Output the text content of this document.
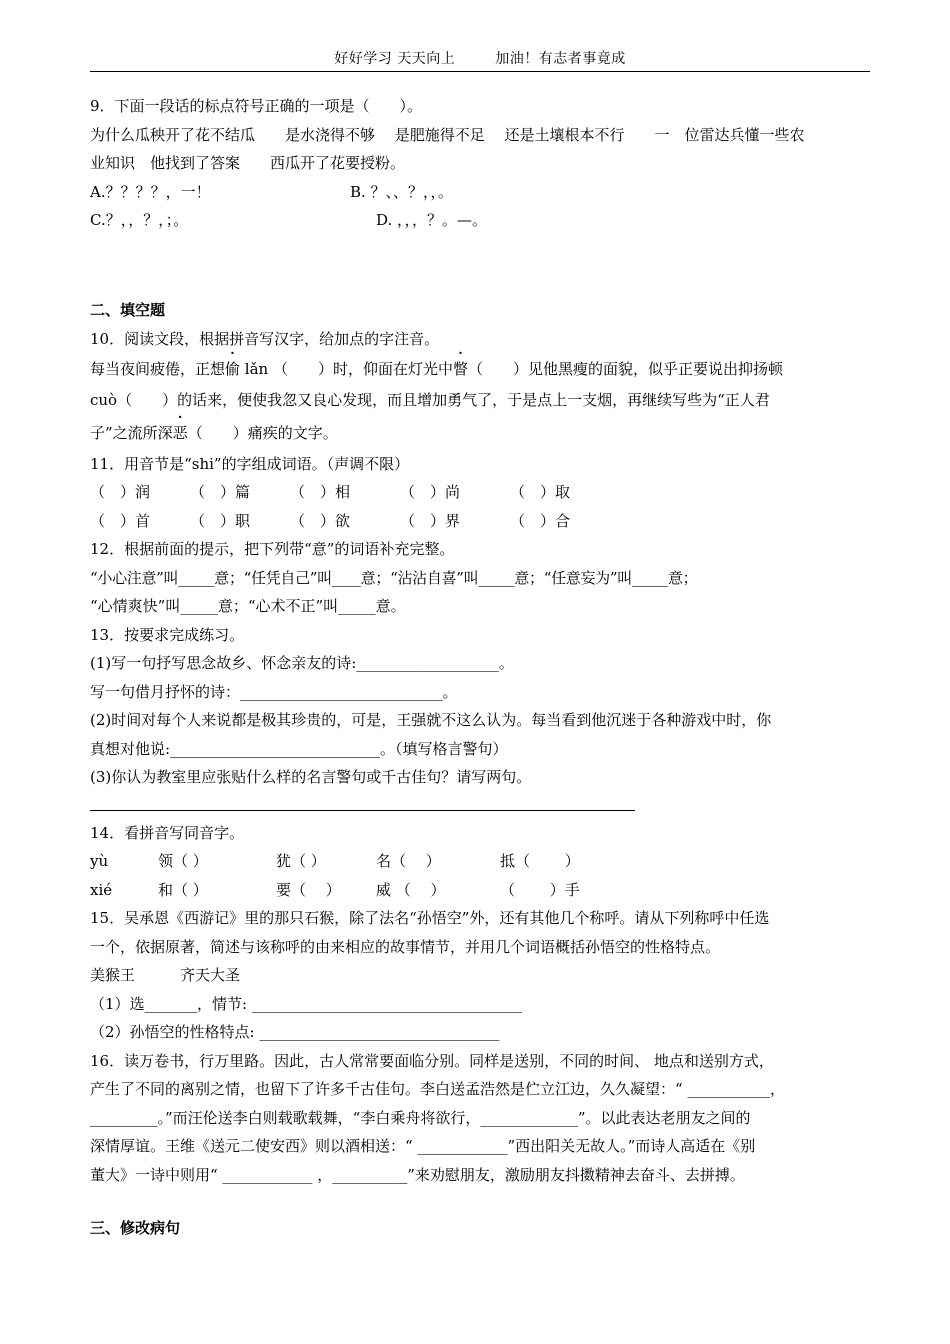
好好学习 天天向上	加油！有志者事竟成
9．下面一段话的标点符号正确的一项是（　　）。
为什么瓜秧开了花不结瓜　　是水浇得不够　 是肥施得不足　 还是土壤根本不行　　一　位雷达兵懂一些农
业知识　他找到了答案　　西瓜开了花要授粉。
A.？？？？，一！	B. ？、、？，，。
C.？，，？，；。	D. ，，，？。—。
二、填空题
10．阅读文段，根据拼音写汉字，给加点的字注音。
每当夜间疲倦，正想偷 lǎn （　　）时，仰面在灯光中瞥（　　）见他黑瘦的面貌，似乎正要说出抑扬顿
cuò（　　）的话来，便使我忽又良心发现，而且增加勇气了，于是点上一支烟，再继续写些为“正人君
子”之流所深恶（　　）痛疾的文字。
11．用音节是“shi”的字组成词语。（声调不限）
（　）润	（　）篇	（　）相	（　）尚	（　）取
（　）首	（　）职	（　）欲	（　）界	（　）合
12．根据前面的提示，把下列带“意”的词语补充完整。
“小心注意”叫_____意；“任凭自己”叫____意；“沾沾自喜”叫_____意；“任意妄为”叫_____意；
“心情爽快”叫_____意；“心术不正”叫_____意。
13．按要求完成练习。
(1)写一句抒写思念故乡、怀念亲友的诗:___________________。
写一句借月抒怀的诗：___________________________。
(2)时间对每个人来说都是极其珍贵的，可是，王强就不这么认为。每当看到他沉迷于各种游戏中时，你
真想对他说:____________________________。（填写格言警句）
(3)你认为教室里应张贴什么样的名言警句或千古佳句？请写两句。
14．看拼音写同音字。
yù	领（ ）	犹（ ）	名（　 ）	抵（　　 ）
xié	和（ ）	要（　 ） 威 （　 ）	（　　 ）手
15．吴承恩《西游记》里的那只石猴，除了法名“孙悟空”外，还有其他几个称呼。请从下列称呼中任选
一个，依据原著，简述与该称呼的由来相应的故事情节，并用几个词语概括孙悟空的性格特点。
美猴王　　　齐天大圣
（1）选_______，情节: ____________________________________
（2）孙悟空的性格特点: ________________________________
16．读万卷书，行万里路。因此，古人常常要面临分别。同样是送别，不同的时间、 地点和送别方式，
产生了不同的离别之情，也留下了许多千古佳句。李白送孟浩然是伫立江边，久久凝望：“ ___________，
_________。”而汪伦送李白则载歌载舞，“李白乘舟将欲行，_____________”。以此表达老朋友之间的
深情厚谊。王维《送元二使安西》则以酒相送：“ ____________”西出阳关无故人。”而诗人高适在《别
董大》一诗中则用“ ____________ ，__________”来劝慰朋友，激励朋友抖擞精神去奋斗、去拼搏。
三、修改病句
